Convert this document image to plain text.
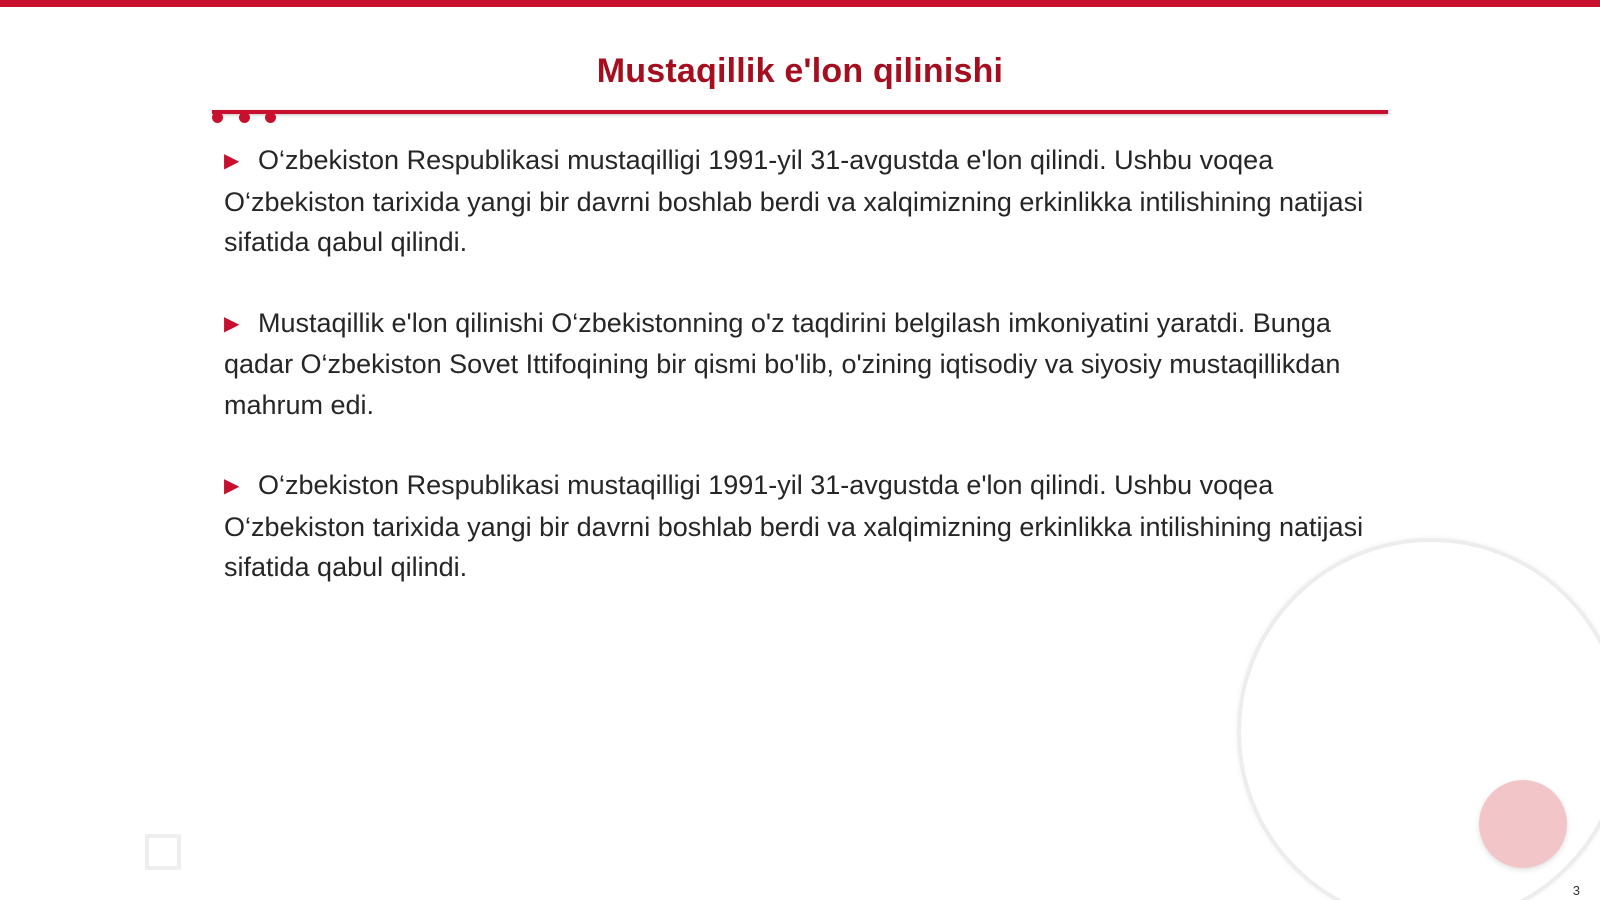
Mustaqillik e'lon qilinishi

▶ O‘zbekiston Respublikasi mustaqilligi 1991-yil 31-avgustda e'lon qilindi. Ushbu voqea O‘zbekiston tarixida yangi bir davrni boshlab berdi va xalqimizning erkinlikka intilishining natijasi sifatida qabul qilindi.

▶ Mustaqillik e'lon qilinishi O‘zbekistonning o'z taqdirini belgilash imkoniyatini yaratdi. Bunga qadar O‘zbekiston Sovet Ittifoqining bir qismi bo'lib, o'zining iqtisodiy va siyosiy mustaqillikdan mahrum edi.

▶ O‘zbekiston Respublikasi mustaqilligi 1991-yil 31-avgustda e'lon qilindi. Ushbu voqea O‘zbekiston tarixida yangi bir davrni boshlab berdi va xalqimizning erkinlikka intilishining natijasi sifatida qabul qilindi.

3
